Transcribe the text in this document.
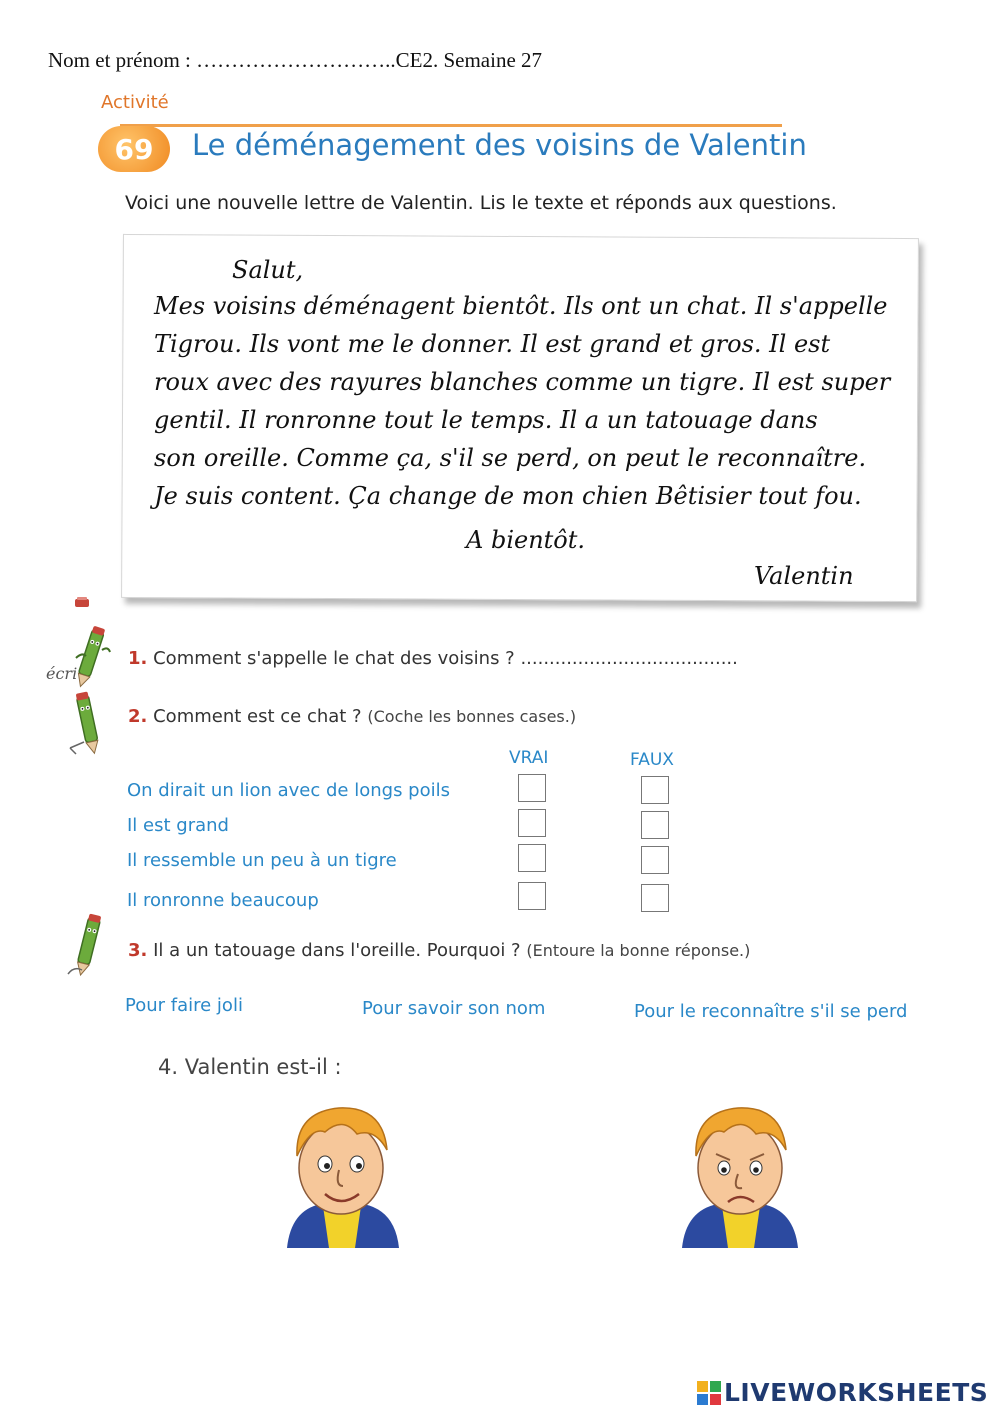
Nom et prénom : ………………………..CE2. Semaine 27
Activité
69	Le déménagement des voisins de Valentin
Voici une nouvelle lettre de Valentin. Lis le texte et réponds aux questions.
Salut,
Mes voisins déménagent bientôt. Ils ont un chat. Il s'appelle
Tigrou. Ils vont me le donner. Il est grand et gros. Il est
roux avec des rayures blanches comme un tigre. Il est super
gentil. Il ronronne tout le temps. Il a un tatouage dans
son oreille. Comme ça, s'il se perd, on peut le reconnaître.
Je suis content. Ça change de mon chien Bêtisier tout fou.
A bientôt.
Valentin
écri
1. Comment s'appelle le chat des voisins ? ......................................
2. Comment est ce chat ? (Coche les bonnes cases.)
VRAI	FAUX
On dirait un lion avec de longs poils
Il est grand
Il ressemble un peu à un tigre
Il ronronne beaucoup
3. Il a un tatouage dans l'oreille. Pourquoi ? (Entoure la bonne réponse.)
Pour faire joli	Pour savoir son nom	Pour le reconnaître s'il se perd
4. Valentin est-il :
LIVEWORKSHEETS
